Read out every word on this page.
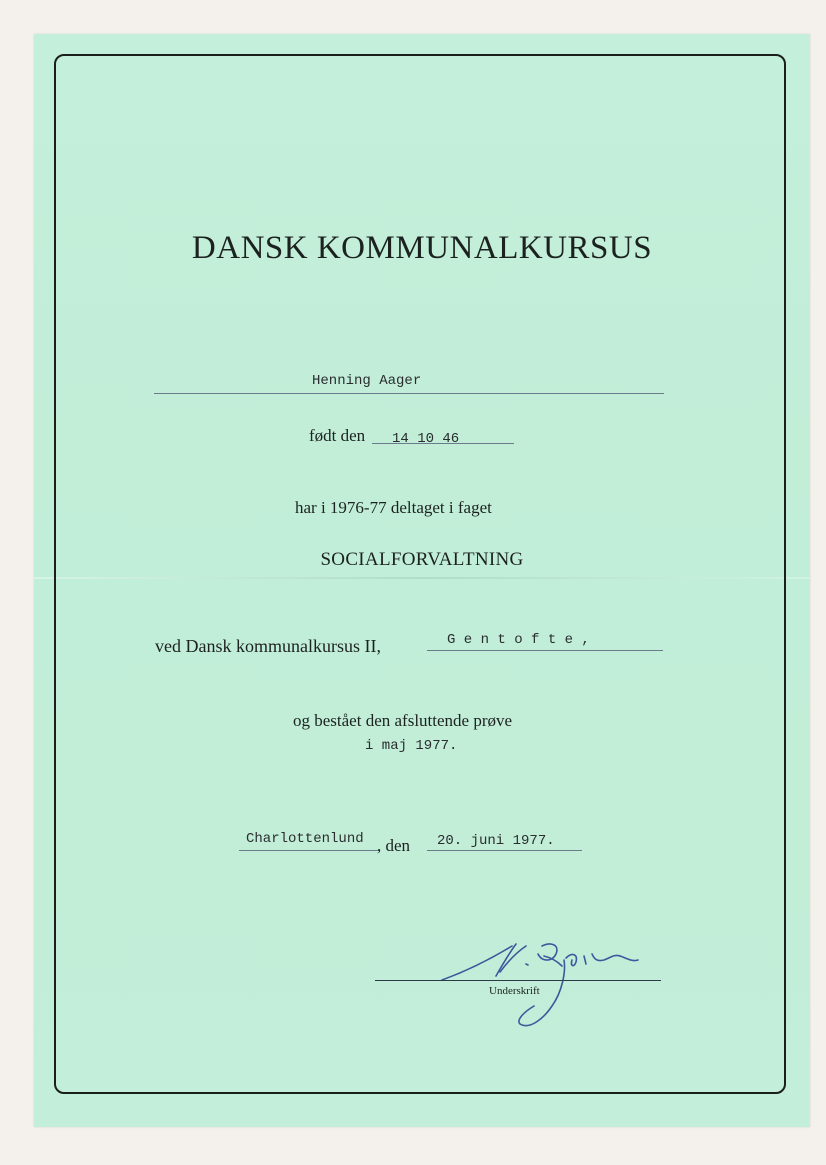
DANSK KOMMUNALKURSUS
Henning Aager
født den 14 10 46
har i 1976-77 deltaget i faget
SOCIALFORVALTNING
ved Dansk kommunalkursus II,	G e n t o f t e ,
og bestået den afsluttende prøve
i maj 1977.
Charlottenlund , den 20. juni 1977.
Underskrift
